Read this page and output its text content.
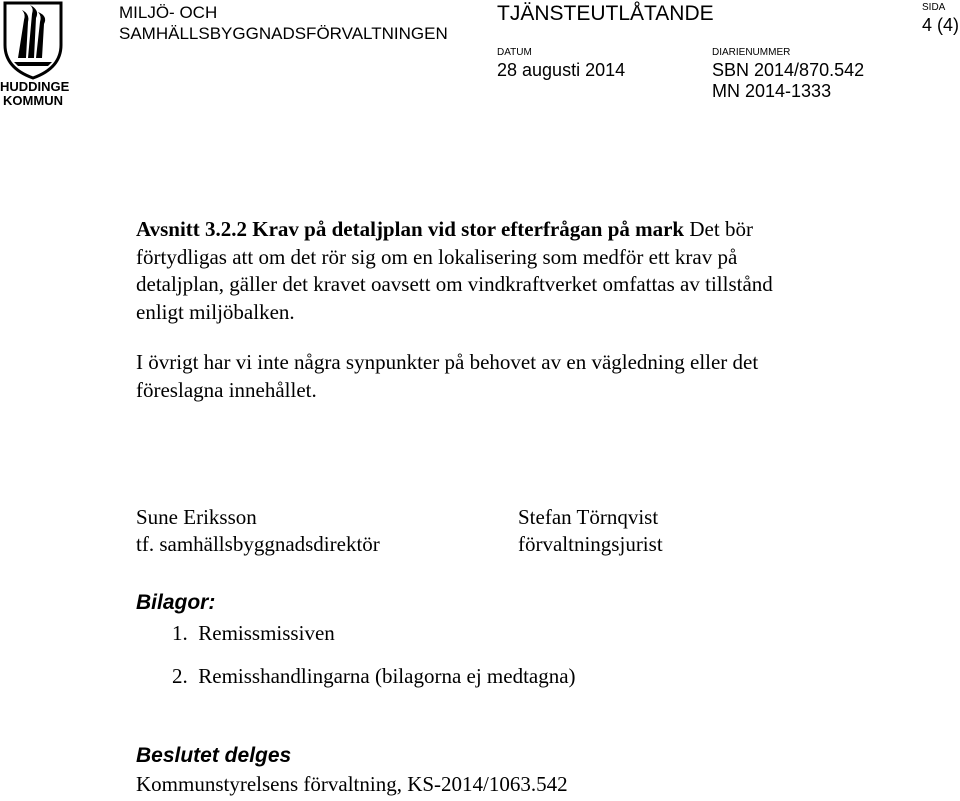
HUDDINGE
KOMMUN
MILJÖ- OCH
SAMHÄLLSBYGGNADSFÖRVALTNINGEN
TJÄNSTEUTLÅTANDE	SIDA
4 (4)
DATUM
28 augusti 2014
DIARIENUMMER
SBN 2014/870.542
MN 2014-1333
Avsnitt 3.2.2 Krav på detaljplan vid stor efterfrågan på mark Det bör förtydligas att om det rör sig om en lokalisering som medför ett krav på detaljplan, gäller det kravet oavsett om vindkraftverket omfattas av tillstånd enligt miljöbalken.
I övrigt har vi inte några synpunkter på behovet av en vägledning eller det föreslagna innehållet.
Sune Eriksson
tf. samhällsbyggnadsdirektör
Stefan Törnqvist
förvaltningsjurist
Bilagor:
1.  Remissmissiven
2.  Remisshandlingarna (bilagorna ej medtagna)
Beslutet delges
Kommunstyrelsens förvaltning, KS-2014/1063.542
